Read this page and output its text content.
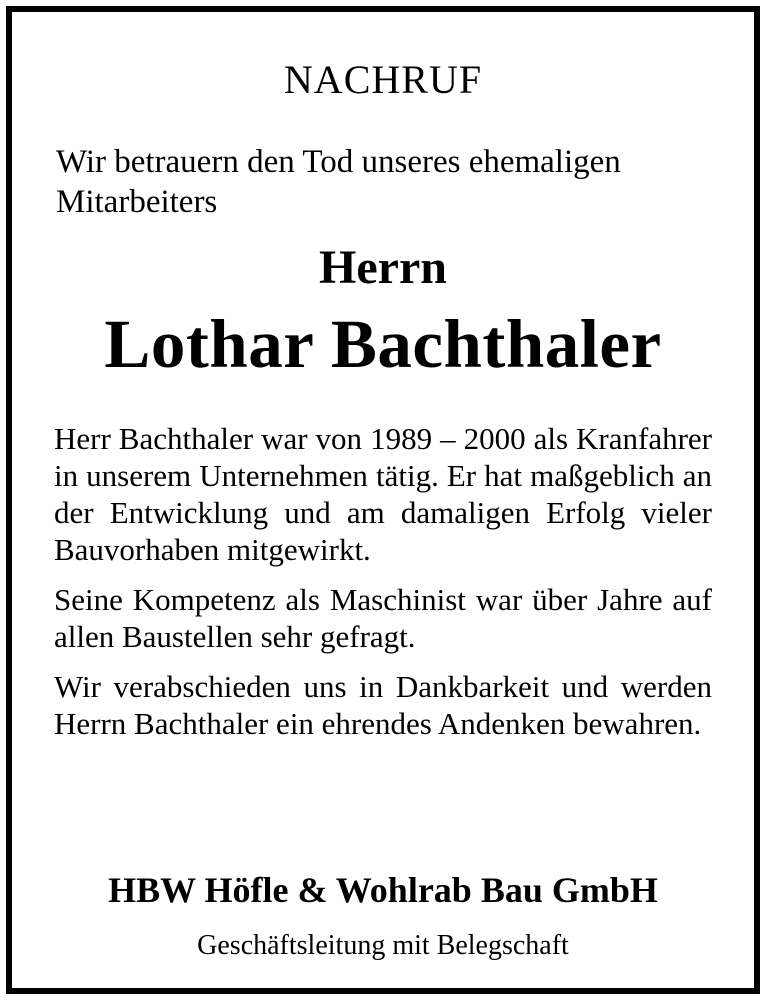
NACHRUF
Wir betrauern den Tod unseres ehemaligen Mitarbeiters
Herrn
Lothar Bachthaler

Herr Bachthaler war von 1989 – 2000 als Kranfahrer in unserem Unternehmen tätig. Er hat maßgeblich an der Entwicklung und am damaligen Erfolg vieler Bauvorhaben mitgewirkt.

Seine Kompetenz als Maschinist war über Jahre auf allen Baustellen sehr gefragt.

Wir verabschieden uns in Dankbarkeit und werden Herrn Bachthaler ein ehrendes Andenken bewahren.

HBW Höfle & Wohlrab Bau GmbH
Geschäftsleitung mit Belegschaft
